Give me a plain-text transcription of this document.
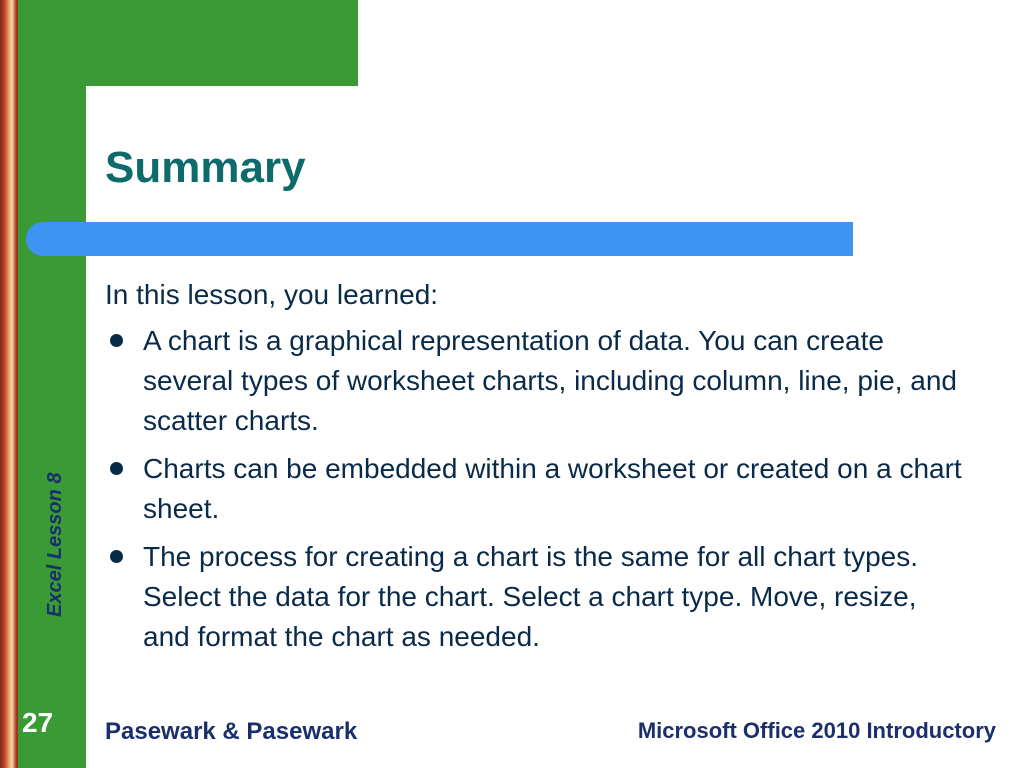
Summary

In this lesson, you learned:

A chart is a graphical representation of data. You can create several types of worksheet charts, including column, line, pie, and scatter charts.
Charts can be embedded within a worksheet or created on a chart sheet.
The process for creating a chart is the same for all chart types. Select the data for the chart. Select a chart type. Move, resize, and format the chart as needed.
Excel Lesson 8
27 Pasewark & Pasewark	Microsoft Office 2010 Introductory
